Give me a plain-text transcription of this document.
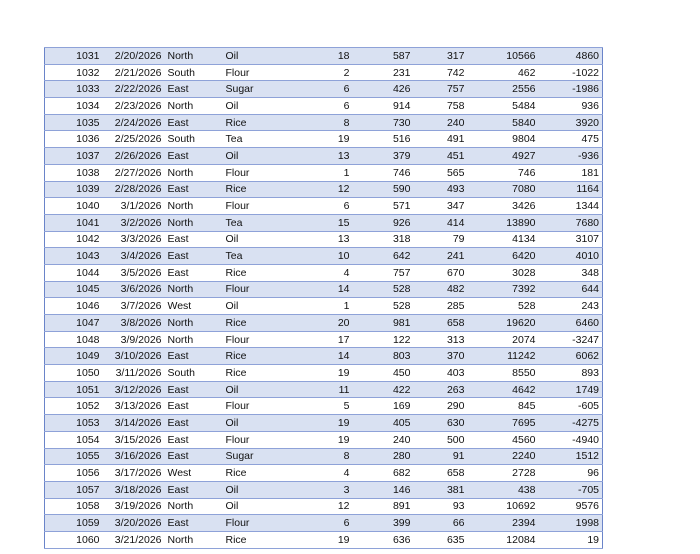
1031	2/20/2026	North	Oil	18	587	317	10566	4860
1032	2/21/2026	South	Flour	2	231	742	462	-1022
1033	2/22/2026	East	Sugar	6	426	757	2556	-1986
1034	2/23/2026	North	Oil	6	914	758	5484	936
1035	2/24/2026	East	Rice	8	730	240	5840	3920
1036	2/25/2026	South	Tea	19	516	491	9804	475
1037	2/26/2026	East	Oil	13	379	451	4927	-936
1038	2/27/2026	North	Flour	1	746	565	746	181
1039	2/28/2026	East	Rice	12	590	493	7080	1164
1040	3/1/2026	North	Flour	6	571	347	3426	1344
1041	3/2/2026	North	Tea	15	926	414	13890	7680
1042	3/3/2026	East	Oil	13	318	79	4134	3107
1043	3/4/2026	East	Tea	10	642	241	6420	4010
1044	3/5/2026	East	Rice	4	757	670	3028	348
1045	3/6/2026	North	Flour	14	528	482	7392	644
1046	3/7/2026	West	Oil	1	528	285	528	243
1047	3/8/2026	North	Rice	20	981	658	19620	6460
1048	3/9/2026	North	Flour	17	122	313	2074	-3247
1049	3/10/2026	East	Rice	14	803	370	11242	6062
1050	3/11/2026	South	Rice	19	450	403	8550	893
1051	3/12/2026	East	Oil	11	422	263	4642	1749
1052	3/13/2026	East	Flour	5	169	290	845	-605
1053	3/14/2026	East	Oil	19	405	630	7695	-4275
1054	3/15/2026	East	Flour	19	240	500	4560	-4940
1055	3/16/2026	East	Sugar	8	280	91	2240	1512
1056	3/17/2026	West	Rice	4	682	658	2728	96
1057	3/18/2026	East	Oil	3	146	381	438	-705
1058	3/19/2026	North	Oil	12	891	93	10692	9576
1059	3/20/2026	East	Flour	6	399	66	2394	1998
1060	3/21/2026	North	Rice	19	636	635	12084	19
